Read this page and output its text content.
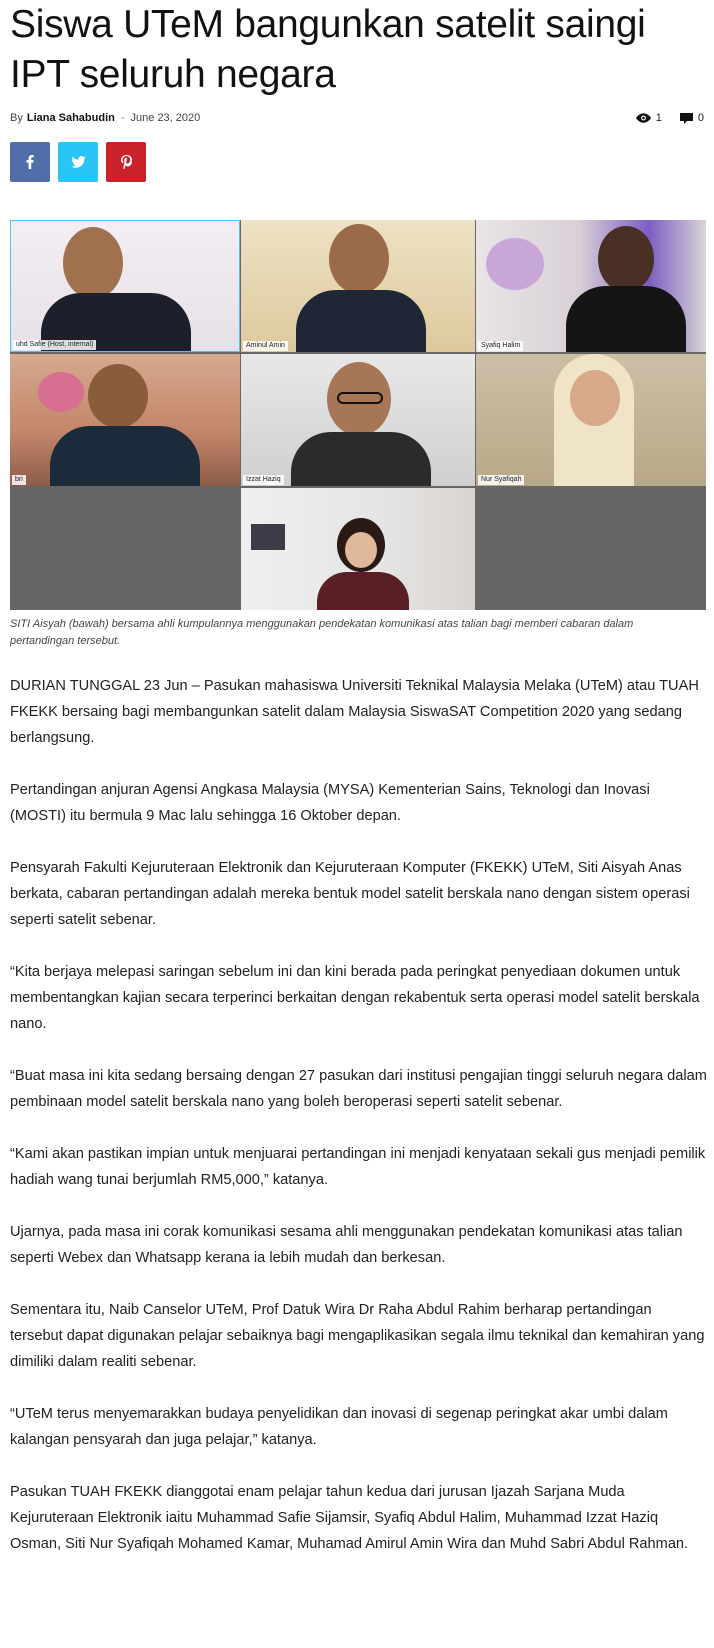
Siswa UTeM bangunkan satelit saingi IPT seluruh negara
By Liana Sahabudin - June 23, 2020	1	0
uhd Safie (Host, internal)	Aminul Amin	Syafiq Halim
bri	Izzat Haziq	Nur Syafiqah

SITI Aisyah (bawah) bersama ahli kumpulannya menggunakan pendekatan komunikasi atas talian bagi memberi cabaran dalam pertandingan tersebut.

DURIAN TUNGGAL 23 Jun – Pasukan mahasiswa Universiti Teknikal Malaysia Melaka (UTeM) atau TUAH FKEKK bersaing bagi membangunkan satelit dalam Malaysia SiswaSAT Competition 2020 yang sedang berlangsung.

Pertandingan anjuran Agensi Angkasa Malaysia (MYSA) Kementerian Sains, Teknologi dan Inovasi (MOSTI) itu bermula 9 Mac lalu sehingga 16 Oktober depan.

Pensyarah Fakulti Kejuruteraan Elektronik dan Kejuruteraan Komputer (FKEKK) UTeM, Siti Aisyah Anas berkata, cabaran pertandingan adalah mereka bentuk model satelit berskala nano dengan sistem operasi seperti satelit sebenar.

“Kita berjaya melepasi saringan sebelum ini dan kini berada pada peringkat penyediaan dokumen untuk membentangkan kajian secara terperinci berkaitan dengan rekabentuk serta operasi model satelit berskala nano.

“Buat masa ini kita sedang bersaing dengan 27 pasukan dari institusi pengajian tinggi seluruh negara dalam pembinaan model satelit berskala nano yang boleh beroperasi seperti satelit sebenar.

“Kami akan pastikan impian untuk menjuarai pertandingan ini menjadi kenyataan sekali gus menjadi pemilik hadiah wang tunai berjumlah RM5,000,” katanya.

Ujarnya, pada masa ini corak komunikasi sesama ahli menggunakan pendekatan komunikasi atas talian seperti Webex dan Whatsapp kerana ia lebih mudah dan berkesan.

Sementara itu, Naib Canselor UTeM, Prof Datuk Wira Dr Raha Abdul Rahim berharap pertandingan tersebut dapat digunakan pelajar sebaiknya bagi mengaplikasikan segala ilmu teknikal dan kemahiran yang dimiliki dalam realiti sebenar.

“UTeM terus menyemarakkan budaya penyelidikan dan inovasi di segenap peringkat akar umbi dalam kalangan pensyarah dan juga pelajar,” katanya.

Pasukan TUAH FKEKK dianggotai enam pelajar tahun kedua dari jurusan Ijazah Sarjana Muda Kejuruteraan Elektronik iaitu Muhammad Safie Sijamsir, Syafiq Abdul Halim, Muhammad Izzat Haziq Osman, Siti Nur Syafiqah Mohamed Kamar, Muhamad Amirul Amin Wira dan Muhd Sabri Abdul Rahman.
